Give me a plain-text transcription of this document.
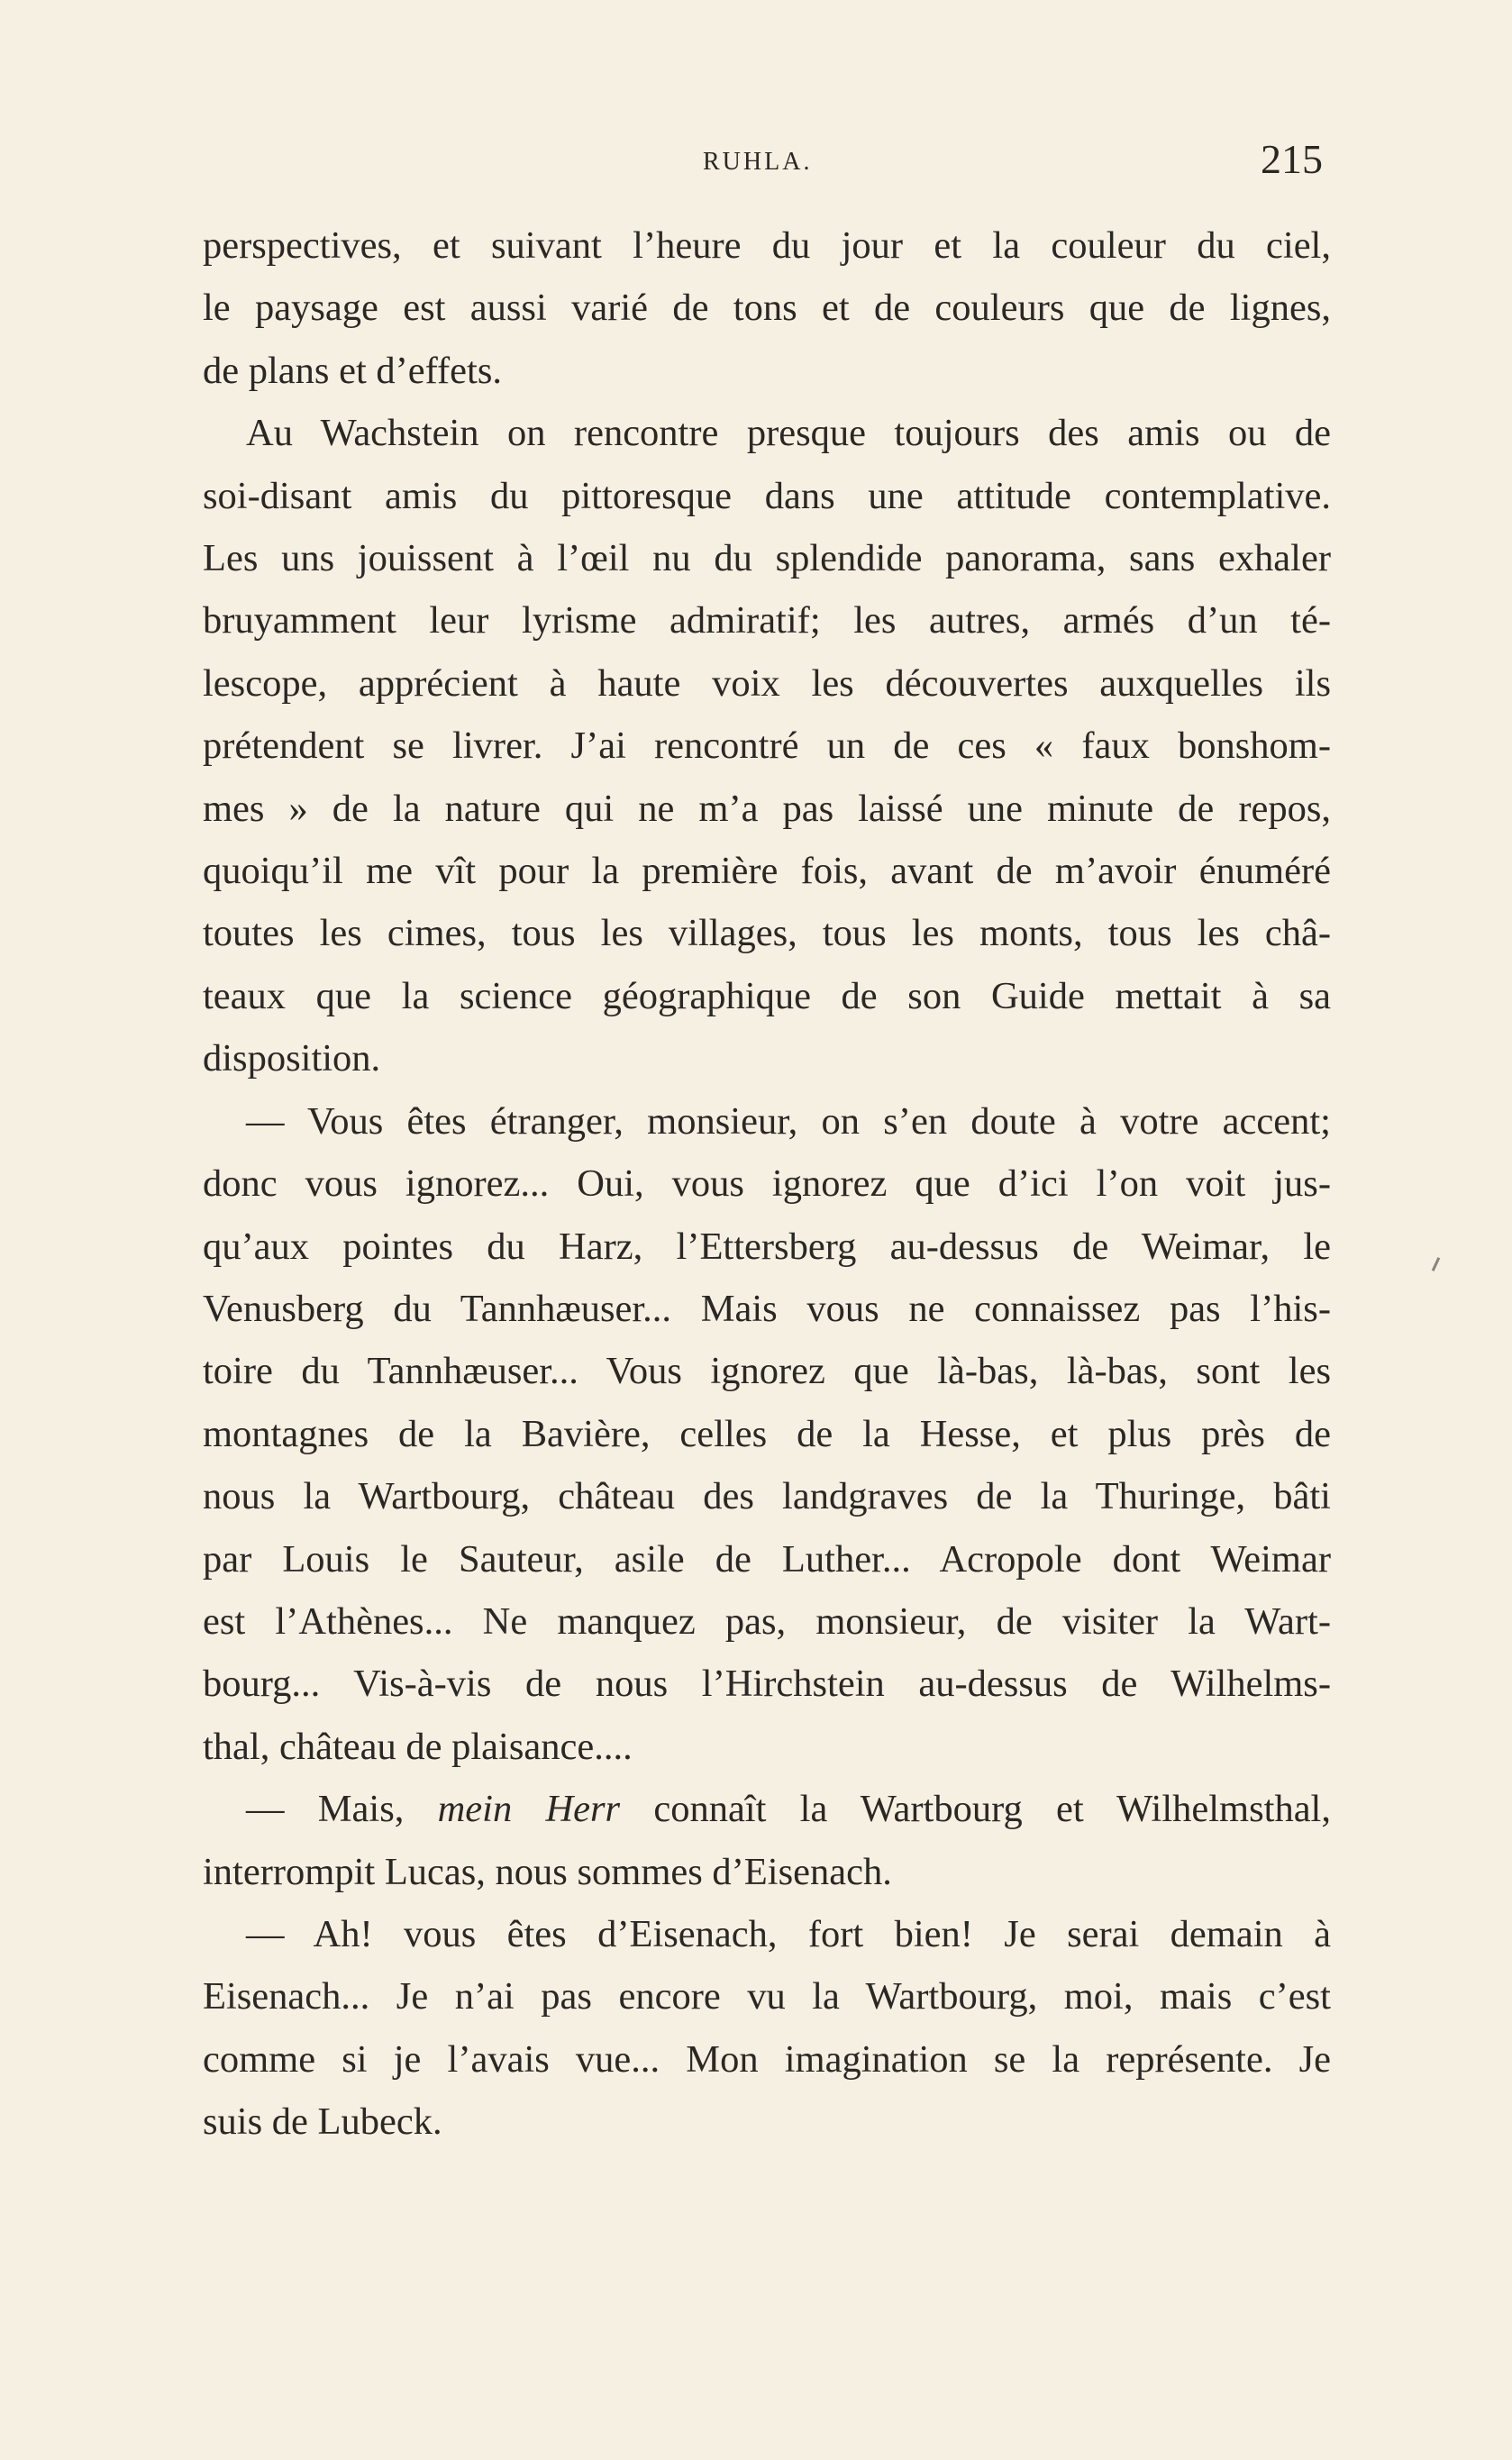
RUHLA.	215

perspectives, et suivant l’heure du jour et la couleur du ciel,
le paysage est aussi varié de tons et de couleurs que de lignes,
de plans et d’effets.

Au Wachstein on rencontre presque toujours des amis ou de
soi-disant amis du pittoresque dans une attitude contemplative.
Les uns jouissent à l’œil nu du splendide panorama, sans exhaler
bruyamment leur lyrisme admiratif; les autres, armés d’un té-
lescope, apprécient à haute voix les découvertes auxquelles ils
prétendent se livrer. J’ai rencontré un de ces « faux bonshom-
mes » de la nature qui ne m’a pas laissé une minute de repos,
quoiqu’il me vît pour la première fois, avant de m’avoir énuméré
toutes les cimes, tous les villages, tous les monts, tous les châ-
teaux que la science géographique de son Guide mettait à sa
disposition.

— Vous êtes étranger, monsieur, on s’en doute à votre accent;
donc vous ignorez... Oui, vous ignorez que d’ici l’on voit jus-
qu’aux pointes du Harz, l’Ettersberg au-dessus de Weimar, le
Venusberg du Tannhæuser... Mais vous ne connaissez pas l’his-
toire du Tannhæuser... Vous ignorez que là-bas, là-bas, sont les
montagnes de la Bavière, celles de la Hesse, et plus près de
nous la Wartbourg, château des landgraves de la Thuringe, bâti
par Louis le Sauteur, asile de Luther... Acropole dont Weimar
est l’Athènes... Ne manquez pas, monsieur, de visiter la Wart-
bourg... Vis-à-vis de nous l’Hirchstein au-dessus de Wilhelms-
thal, château de plaisance....

— Mais, mein Herr connaît la Wartbourg et Wilhelmsthal,
interrompit Lucas, nous sommes d’Eisenach.

— Ah! vous êtes d’Eisenach, fort bien! Je serai demain à
Eisenach... Je n’ai pas encore vu la Wartbourg, moi, mais c’est
comme si je l’avais vue... Mon imagination se la représente. Je
suis de Lubeck.
